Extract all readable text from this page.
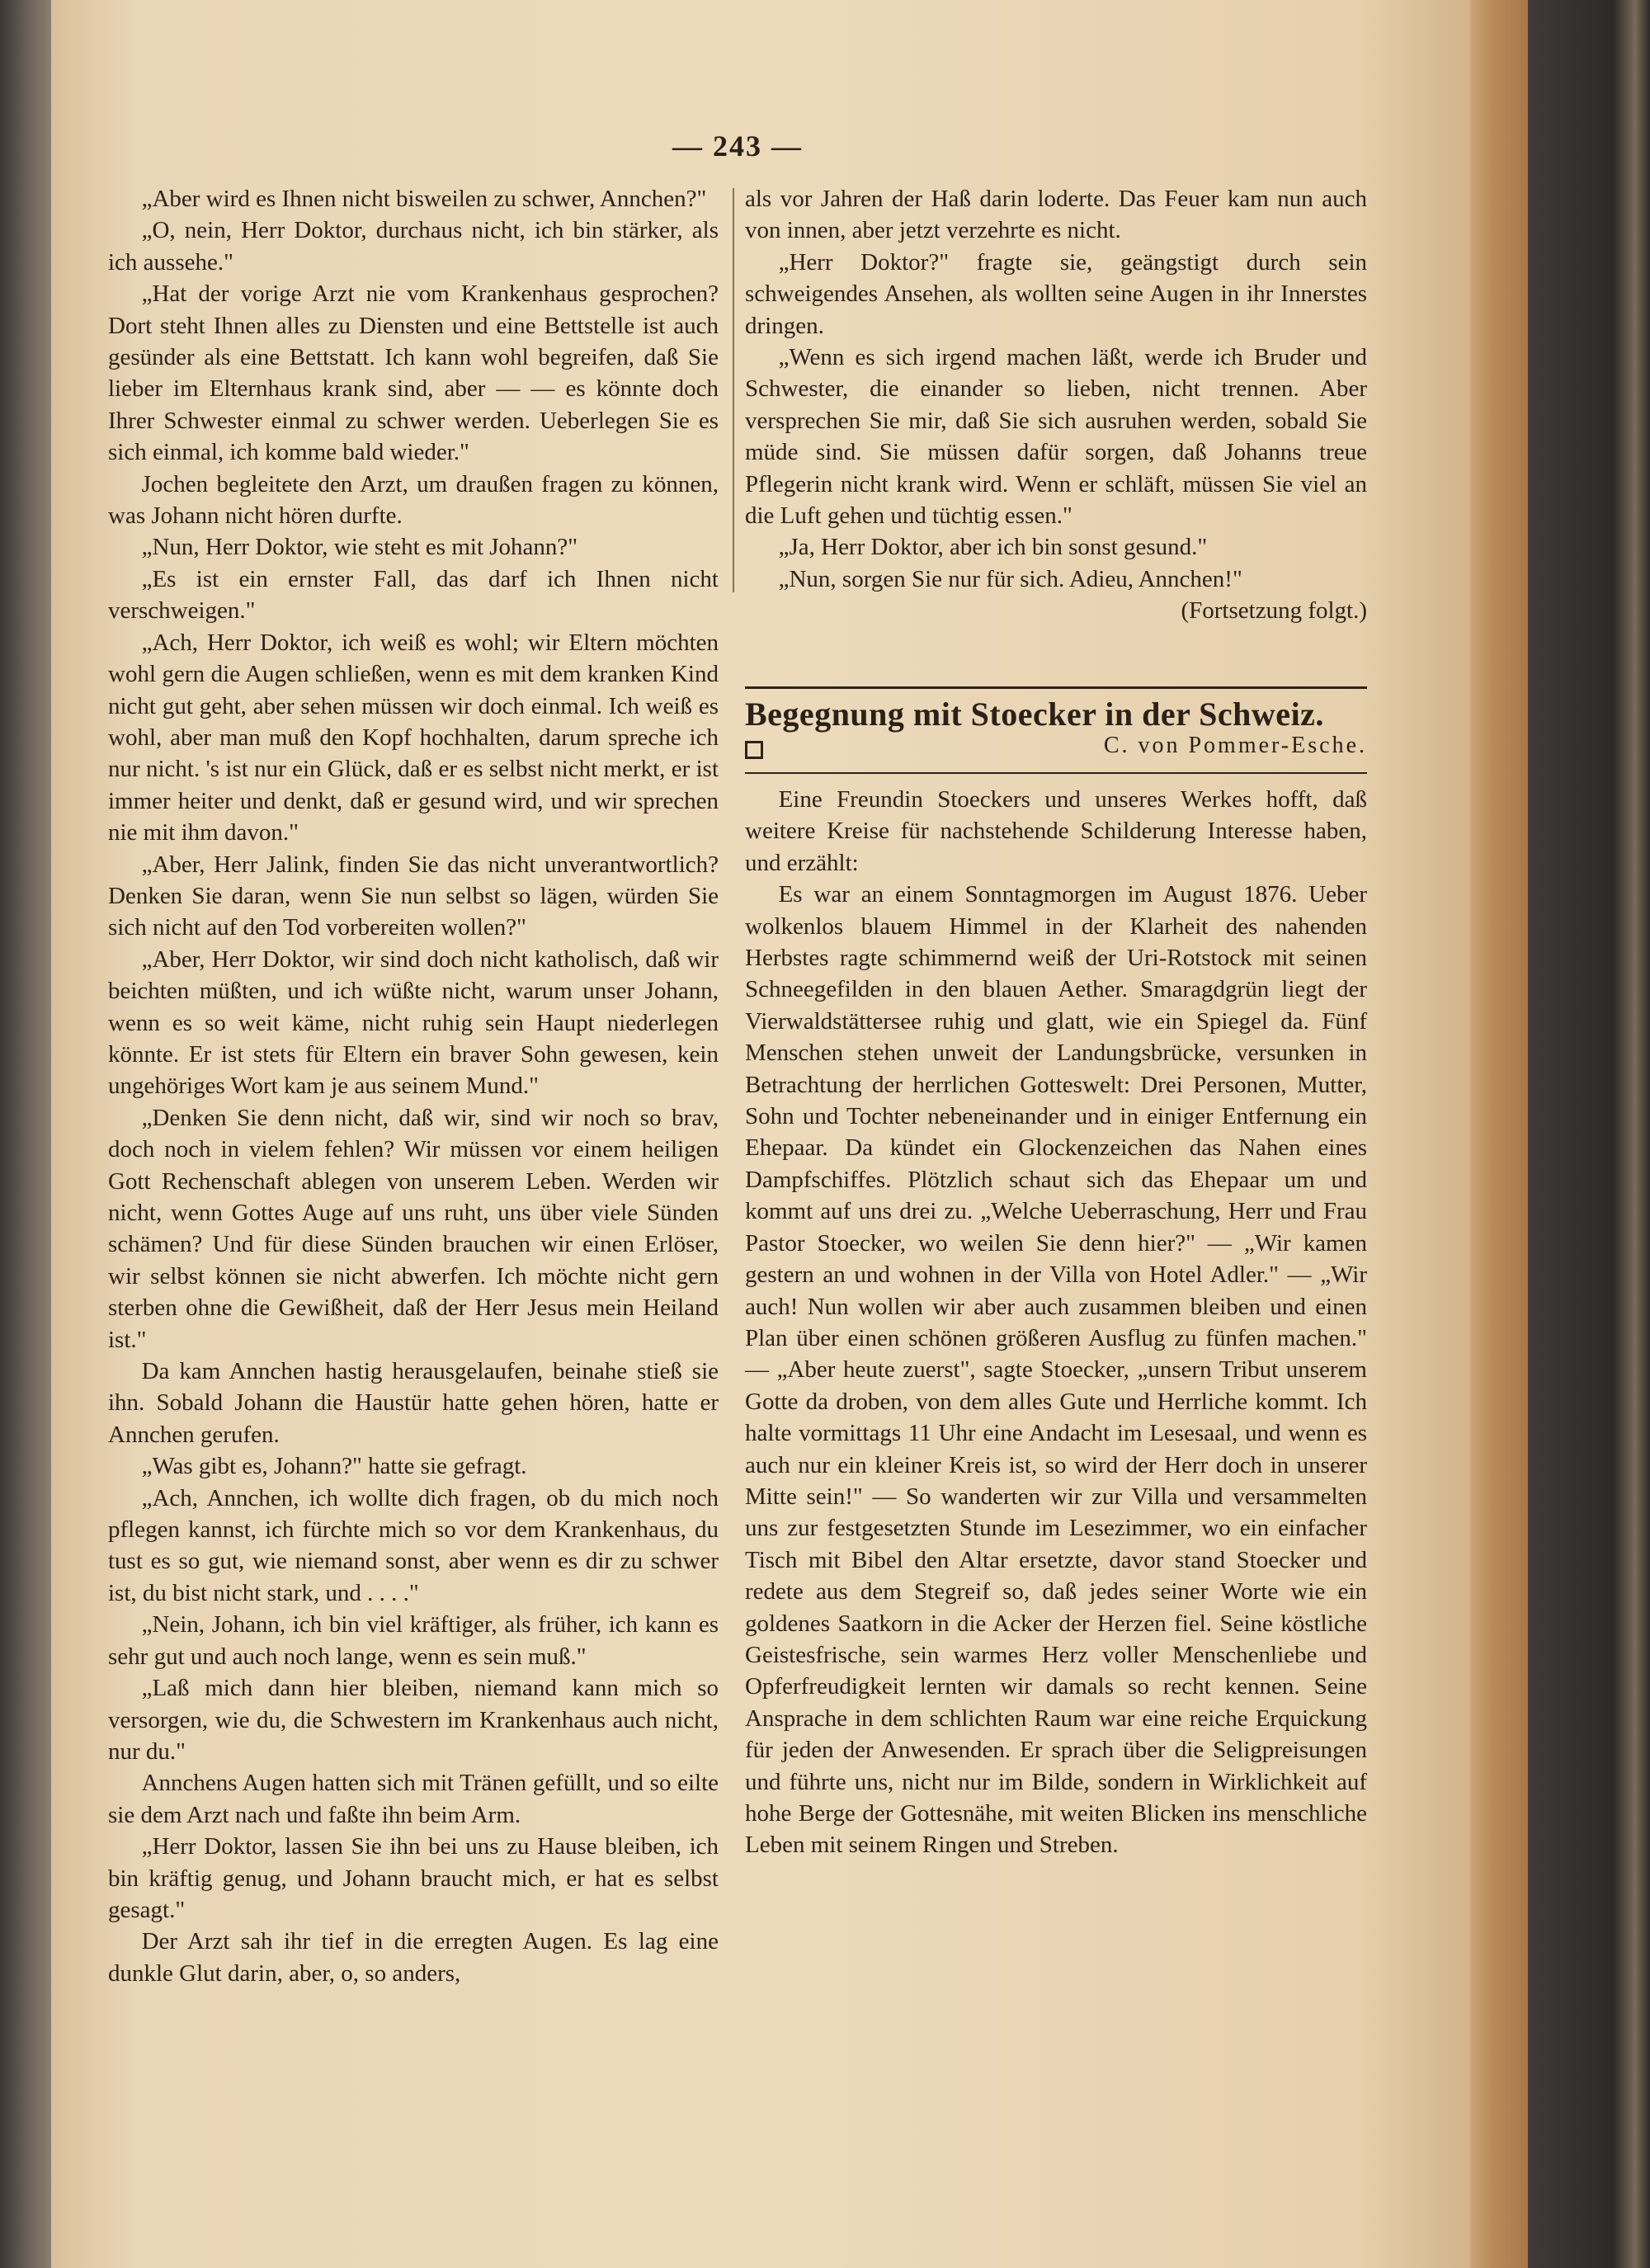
— 243 —

„Aber wird es Ihnen nicht bisweilen zu schwer, Annchen?"

„O, nein, Herr Doktor, durchaus nicht, ich bin stärker, als ich aussehe."

„Hat der vorige Arzt nie vom Krankenhaus gesprochen? Dort steht Ihnen alles zu Diensten und eine Bettstelle ist auch gesünder als eine Bettstatt. Ich kann wohl begreifen, daß Sie lieber im Elternhaus krank sind, aber — — es könnte doch Ihrer Schwester einmal zu schwer werden. Ueberlegen Sie es sich einmal, ich komme bald wieder."

Jochen begleitete den Arzt, um draußen fragen zu können, was Johann nicht hören durfte.

„Nun, Herr Doktor, wie steht es mit Johann?"

„Es ist ein ernster Fall, das darf ich Ihnen nicht verschweigen."

„Ach, Herr Doktor, ich weiß es wohl; wir Eltern möchten wohl gern die Augen schließen, wenn es mit dem kranken Kind nicht gut geht, aber sehen müssen wir doch einmal. Ich weiß es wohl, aber man muß den Kopf hochhalten, darum spreche ich nur nicht. 's ist nur ein Glück, daß er es selbst nicht merkt, er ist immer heiter und denkt, daß er gesund wird, und wir sprechen nie mit ihm davon."

„Aber, Herr Jalink, finden Sie das nicht unverantwortlich? Denken Sie daran, wenn Sie nun selbst so lägen, würden Sie sich nicht auf den Tod vorbereiten wollen?"

„Aber, Herr Doktor, wir sind doch nicht katholisch, daß wir beichten müßten, und ich wüßte nicht, warum unser Johann, wenn es so weit käme, nicht ruhig sein Haupt niederlegen könnte. Er ist stets für Eltern ein braver Sohn gewesen, kein ungehöriges Wort kam je aus seinem Mund."

„Denken Sie denn nicht, daß wir, sind wir noch so brav, doch noch in vielem fehlen? Wir müssen vor einem heiligen Gott Rechenschaft ablegen von unserem Leben. Werden wir nicht, wenn Gottes Auge auf uns ruht, uns über viele Sünden schämen? Und für diese Sünden brauchen wir einen Erlöser, wir selbst können sie nicht abwerfen. Ich möchte nicht gern sterben ohne die Gewißheit, daß der Herr Jesus mein Heiland ist."

Da kam Annchen hastig herausgelaufen, beinahe stieß sie ihn. Sobald Johann die Haustür hatte gehen hören, hatte er Annchen gerufen.

„Was gibt es, Johann?" hatte sie gefragt.

„Ach, Annchen, ich wollte dich fragen, ob du mich noch pflegen kannst, ich fürchte mich so vor dem Krankenhaus, du tust es so gut, wie niemand sonst, aber wenn es dir zu schwer ist, du bist nicht stark, und . . . ."

„Nein, Johann, ich bin viel kräftiger, als früher, ich kann es sehr gut und auch noch lange, wenn es sein muß."

„Laß mich dann hier bleiben, niemand kann mich so versorgen, wie du, die Schwestern im Krankenhaus auch nicht, nur du."

Annchens Augen hatten sich mit Tränen gefüllt, und so eilte sie dem Arzt nach und faßte ihn beim Arm.

„Herr Doktor, lassen Sie ihn bei uns zu Hause bleiben, ich bin kräftig genug, und Johann braucht mich, er hat es selbst gesagt."

Der Arzt sah ihr tief in die erregten Augen. Es lag eine dunkle Glut darin, aber, o, so anders,

als vor Jahren der Haß darin loderte. Das Feuer kam nun auch von innen, aber jetzt verzehrte es nicht.

„Herr Doktor?" fragte sie, geängstigt durch sein schweigendes Ansehen, als wollten seine Augen in ihr Innerstes dringen.

„Wenn es sich irgend machen läßt, werde ich Bruder und Schwester, die einander so lieben, nicht trennen. Aber versprechen Sie mir, daß Sie sich ausruhen werden, sobald Sie müde sind. Sie müssen dafür sorgen, daß Johanns treue Pflegerin nicht krank wird. Wenn er schläft, müssen Sie viel an die Luft gehen und tüchtig essen."

„Ja, Herr Doktor, aber ich bin sonst gesund."

„Nun, sorgen Sie nur für sich. Adieu, Annchen!"
(Fortsetzung folgt.)

Begegnung mit Stoecker in der Schweiz.
C. von Pommer-Esche.

Eine Freundin Stoeckers und unseres Werkes hofft, daß weitere Kreise für nachstehende Schilderung Interesse haben, und erzählt:

Es war an einem Sonntagmorgen im August 1876. Ueber wolkenlos blauem Himmel in der Klarheit des nahenden Herbstes ragte schimmernd weiß der Uri-Rotstock mit seinen Schneegefilden in den blauen Aether. Smaragdgrün liegt der Vierwaldstättersee ruhig und glatt, wie ein Spiegel da. Fünf Menschen stehen unweit der Landungsbrücke, versunken in Betrachtung der herrlichen Gotteswelt: Drei Personen, Mutter, Sohn und Tochter nebeneinander und in einiger Entfernung ein Ehepaar. Da kündet ein Glockenzeichen das Nahen eines Dampfschiffes. Plötzlich schaut sich das Ehepaar um und kommt auf uns drei zu. „Welche Ueberraschung, Herr und Frau Pastor Stoecker, wo weilen Sie denn hier?" — „Wir kamen gestern an und wohnen in der Villa von Hotel Adler." — „Wir auch! Nun wollen wir aber auch zusammen bleiben und einen Plan über einen schönen größeren Ausflug zu fünfen machen." — „Aber heute zuerst", sagte Stoecker, „unsern Tribut unserem Gotte da droben, von dem alles Gute und Herrliche kommt. Ich halte vormittags 11 Uhr eine Andacht im Lesesaal, und wenn es auch nur ein kleiner Kreis ist, so wird der Herr doch in unserer Mitte sein!" — So wanderten wir zur Villa und versammelten uns zur festgesetzten Stunde im Lesezimmer, wo ein einfacher Tisch mit Bibel den Altar ersetzte, davor stand Stoecker und redete aus dem Stegreif so, daß jedes seiner Worte wie ein goldenes Saatkorn in die Acker der Herzen fiel. Seine köstliche Geistesfrische, sein warmes Herz voller Menschenliebe und Opferfreudigkeit lernten wir damals so recht kennen. Seine Ansprache in dem schlichten Raum war eine reiche Erquickung für jeden der Anwesenden. Er sprach über die Seligpreisungen und führte uns, nicht nur im Bilde, sondern in Wirklichkeit auf hohe Berge der Gottesnähe, mit weiten Blicken ins menschliche Leben mit seinem Ringen und Streben.
